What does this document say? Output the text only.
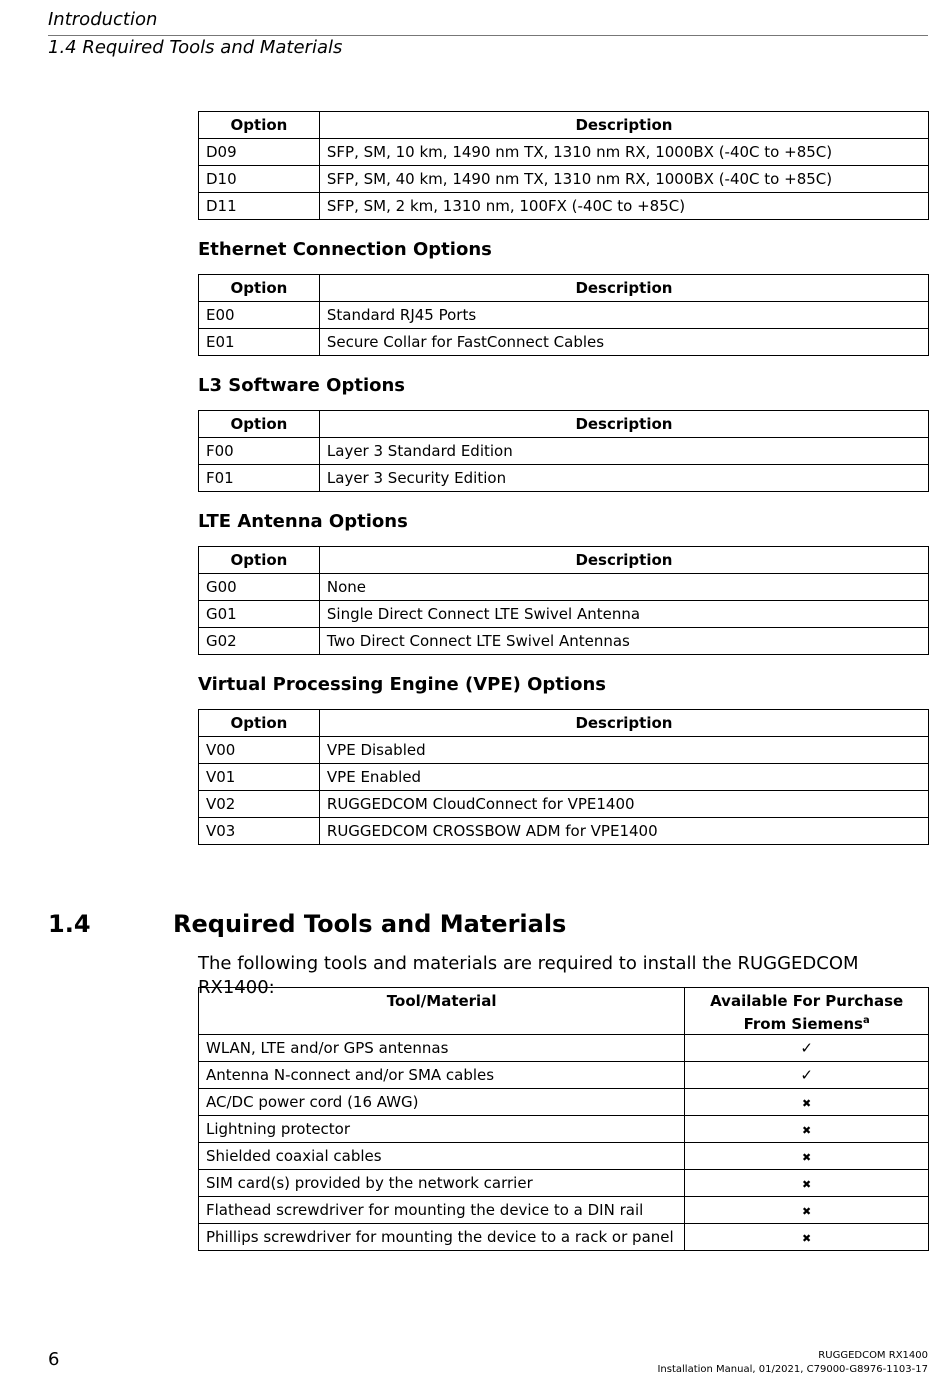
Introduction
1.4 Required Tools and Materials
Option	Description
D09	SFP, SM, 10 km, 1490 nm TX, 1310 nm RX, 1000BX (-40C to +85C)
D10	SFP, SM, 40 km, 1490 nm TX, 1310 nm RX, 1000BX (-40C to +85C)
D11	SFP, SM, 2 km, 1310 nm, 100FX (-40C to +85C)
Ethernet Connection Options
Option	Description
E00	Standard RJ45 Ports
E01	Secure Collar for FastConnect Cables
L3 Software Options
Option	Description
F00	Layer 3 Standard Edition
F01	Layer 3 Security Edition
LTE Antenna Options
Option	Description
G00	None
G01	Single Direct Connect LTE Swivel Antenna
G02	Two Direct Connect LTE Swivel Antennas
Virtual Processing Engine (VPE) Options
Option	Description
V00	VPE Disabled
V01	VPE Enabled
V02	RUGGEDCOM CloudConnect for VPE1400
V03	RUGGEDCOM CROSSBOW ADM for VPE1400
1.4	Required Tools and Materials

The following tools and materials are required to install the RUGGEDCOM RX1400:

Tool/Material	Available For Purchase
From Siemens$^a$
WLAN, LTE and/or GPS antennas	✓
Antenna N-connect and/or SMA cables	✓
AC/DC power cord (16 AWG)	✖
Lightning protector	✖
Shielded coaxial cables	✖
SIM card(s) provided by the network carrier	✖
Flathead screwdriver for mounting the device to a DIN rail	✖
Phillips screwdriver for mounting the device to a rack or panel	✖
6	RUGGEDCOM RX1400
Installation Manual, 01/2021, C79000-G8976-1103-17
